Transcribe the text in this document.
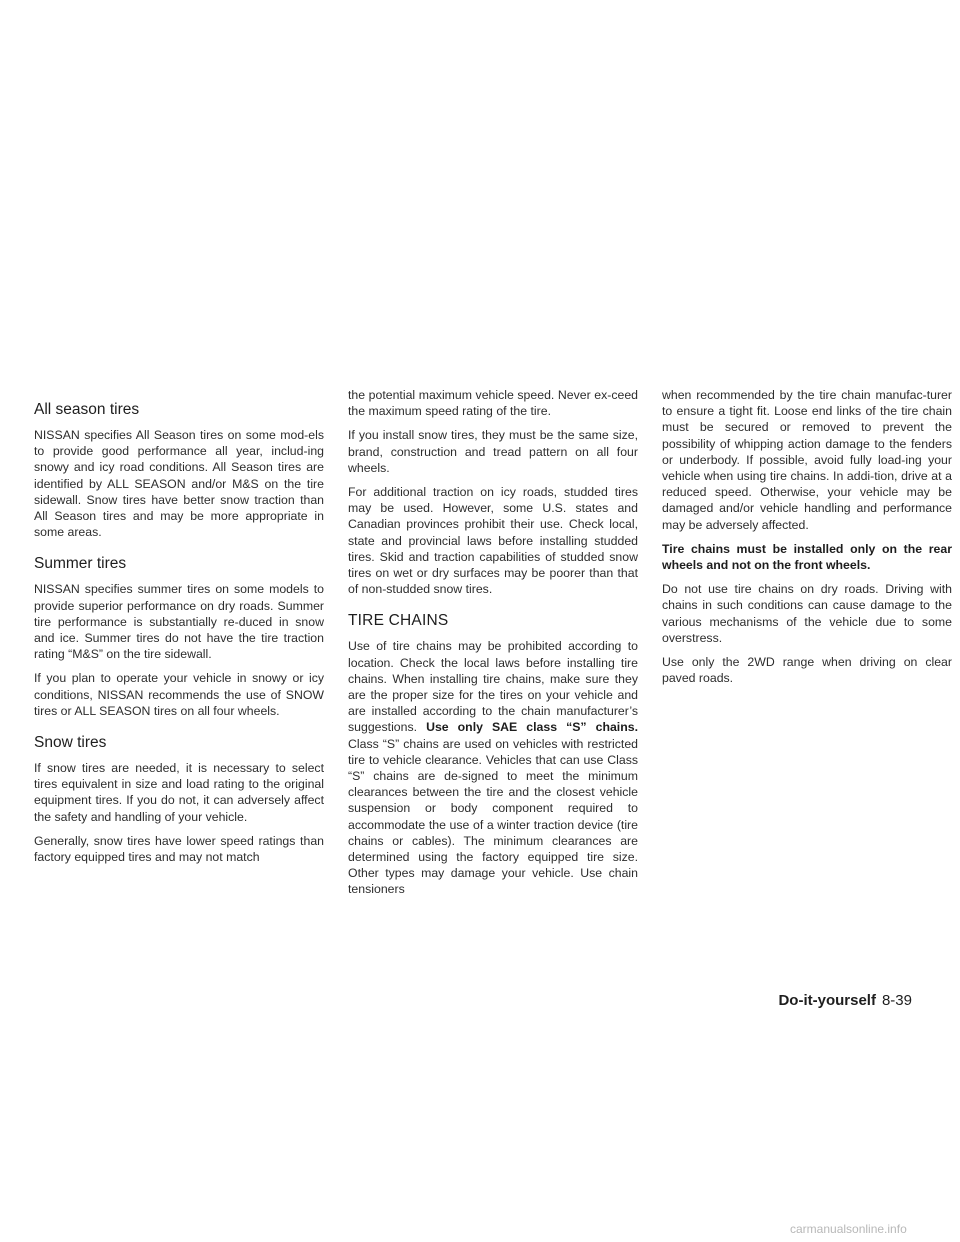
All season tires

NISSAN specifies All Season tires on some mod-els to provide good performance all year, includ-ing snowy and icy road conditions. All Season tires are identified by ALL SEASON and/or M&S on the tire sidewall. Snow tires have better snow traction than All Season tires and may be more appropriate in some areas.

Summer tires

NISSAN specifies summer tires on some models to provide superior performance on dry roads. Summer tire performance is substantially re-duced in snow and ice. Summer tires do not have the tire traction rating “M&S” on the tire sidewall.

If you plan to operate your vehicle in snowy or icy conditions, NISSAN recommends the use of SNOW tires or ALL SEASON tires on all four wheels.

Snow tires

If snow tires are needed, it is necessary to select tires equivalent in size and load rating to the original equipment tires. If you do not, it can adversely affect the safety and handling of your vehicle.

Generally, snow tires have lower speed ratings than factory equipped tires and may not match

the potential maximum vehicle speed. Never ex-ceed the maximum speed rating of the tire.

If you install snow tires, they must be the same size, brand, construction and tread pattern on all four wheels.

For additional traction on icy roads, studded tires may be used. However, some U.S. states and Canadian provinces prohibit their use. Check local, state and provincial laws before installing studded tires. Skid and traction capabilities of studded snow tires on wet or dry surfaces may be poorer than that of non-studded snow tires.

TIRE CHAINS

Use of tire chains may be prohibited according to location. Check the local laws before installing tire chains. When installing tire chains, make sure they are the proper size for the tires on your vehicle and are installed according to the chain manufacturer’s suggestions. Use only SAE class “S” chains. Class “S” chains are used on vehicles with restricted tire to vehicle clearance. Vehicles that can use Class “S” chains are de-signed to meet the minimum clearances between the tire and the closest vehicle suspension or body component required to accommodate the use of a winter traction device (tire chains or cables). The minimum clearances are determined using the factory equipped tire size. Other types may damage your vehicle. Use chain tensioners

when recommended by the tire chain manufac-turer to ensure a tight fit. Loose end links of the tire chain must be secured or removed to prevent the possibility of whipping action damage to the fenders or underbody. If possible, avoid fully load-ing your vehicle when using tire chains. In addi-tion, drive at a reduced speed. Otherwise, your vehicle may be damaged and/or vehicle handling and performance may be adversely affected.

Tire chains must be installed only on the rear wheels and not on the front wheels.

Do not use tire chains on dry roads. Driving with chains in such conditions can cause damage to the various mechanisms of the vehicle due to some overstress.

Use only the 2WD range when driving on clear paved roads.

Do-it-yourself 8-39
carmanualsonline.info
